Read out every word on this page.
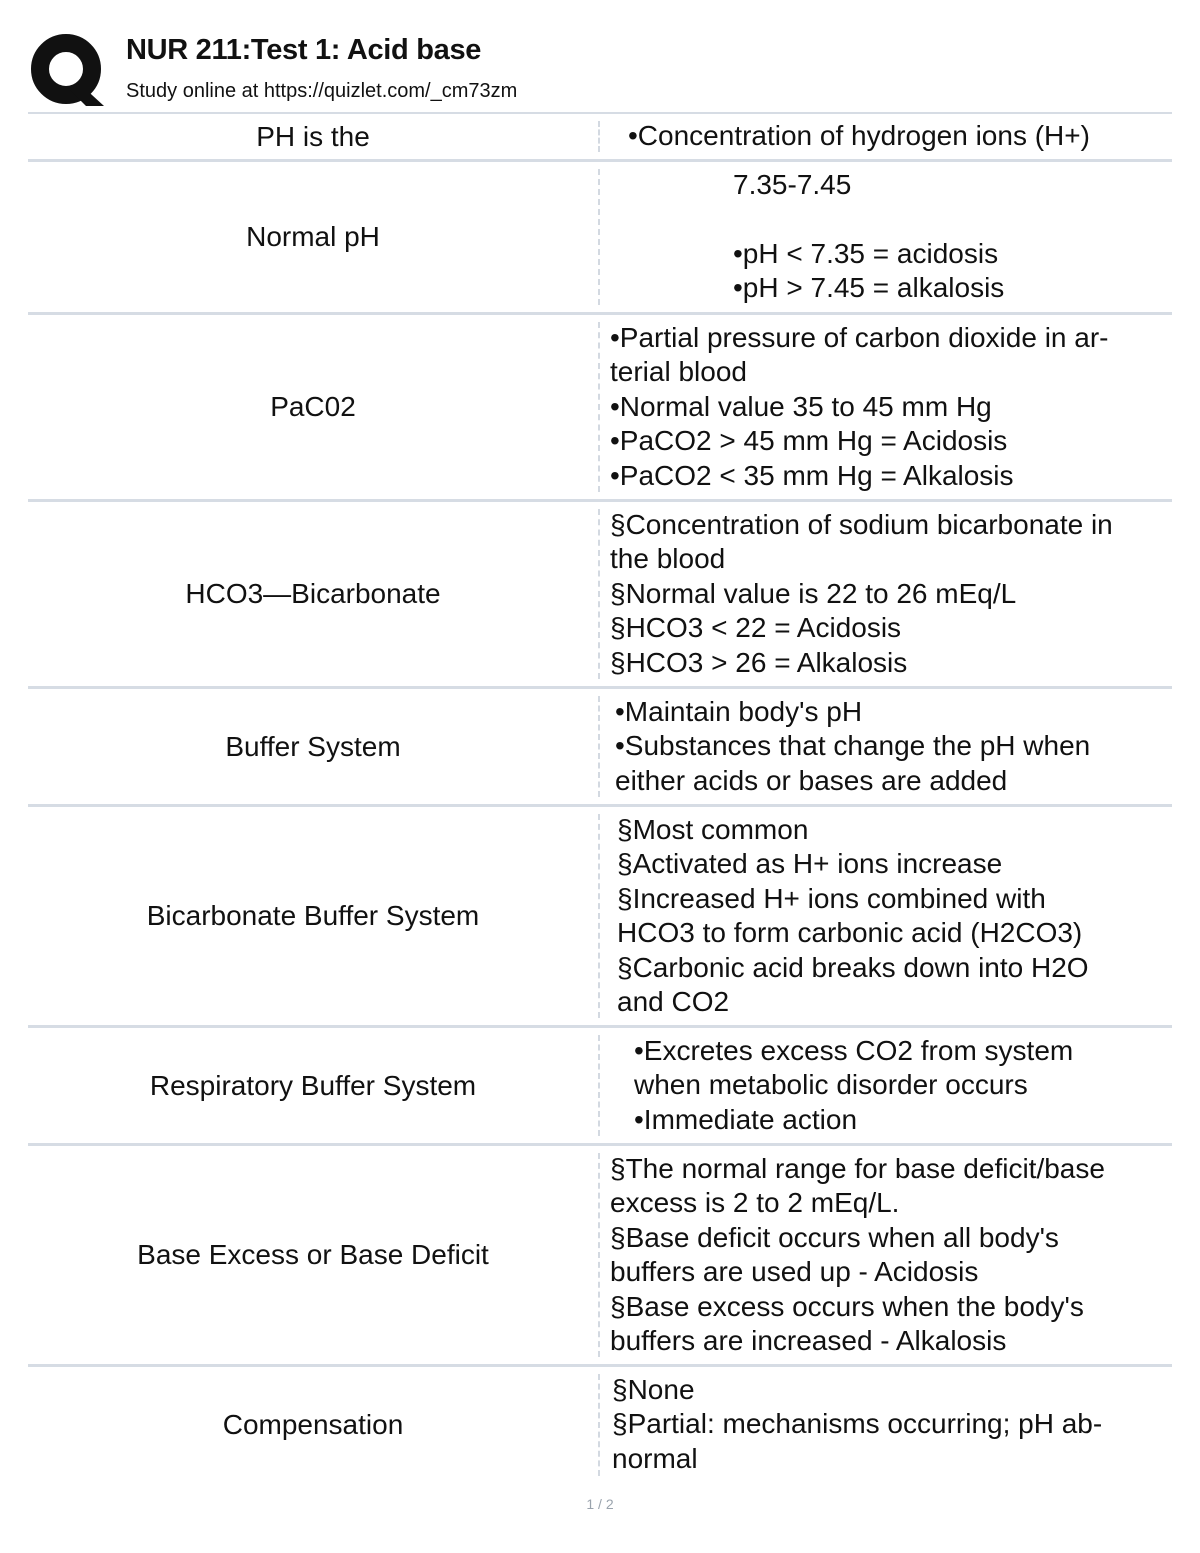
NUR 211:Test 1: Acid base
Study online at https://quizlet.com/_cm73zm
PH is the	•Concentration of hydrogen ions (H+)
Normal pH
7.35-7.45

•pH < 7.35 = acidosis
•pH > 7.45 = alkalosis
PaC02
•Partial pressure of carbon dioxide in ar-
terial blood
•Normal value 35 to 45 mm Hg
•PaCO2 > 45 mm Hg = Acidosis
•PaCO2 < 35 mm Hg = Alkalosis
HCO3—Bicarbonate
§Concentration of sodium bicarbonate in
the blood
§Normal value is 22 to 26 mEq/L
§HCO3 < 22 = Acidosis
§HCO3 > 26 = Alkalosis
Buffer System
•Maintain body's pH
•Substances that change the pH when
either acids or bases are added
Bicarbonate Buffer System
§Most common
§Activated as H+ ions increase
§Increased H+ ions combined with
HCO3 to form carbonic acid (H2CO3)
§Carbonic acid breaks down into H2O
and CO2
Respiratory Buffer System
•Excretes excess CO2 from system
when metabolic disorder occurs
•Immediate action
Base Excess or Base Deficit
§The normal range for base deficit/base
excess is 2 to 2 mEq/L.
§Base deficit occurs when all body's
buffers are used up - Acidosis
§Base excess occurs when the body's
buffers are increased - Alkalosis
Compensation
§None
§Partial: mechanisms occurring; pH ab-
normal
1 / 2
